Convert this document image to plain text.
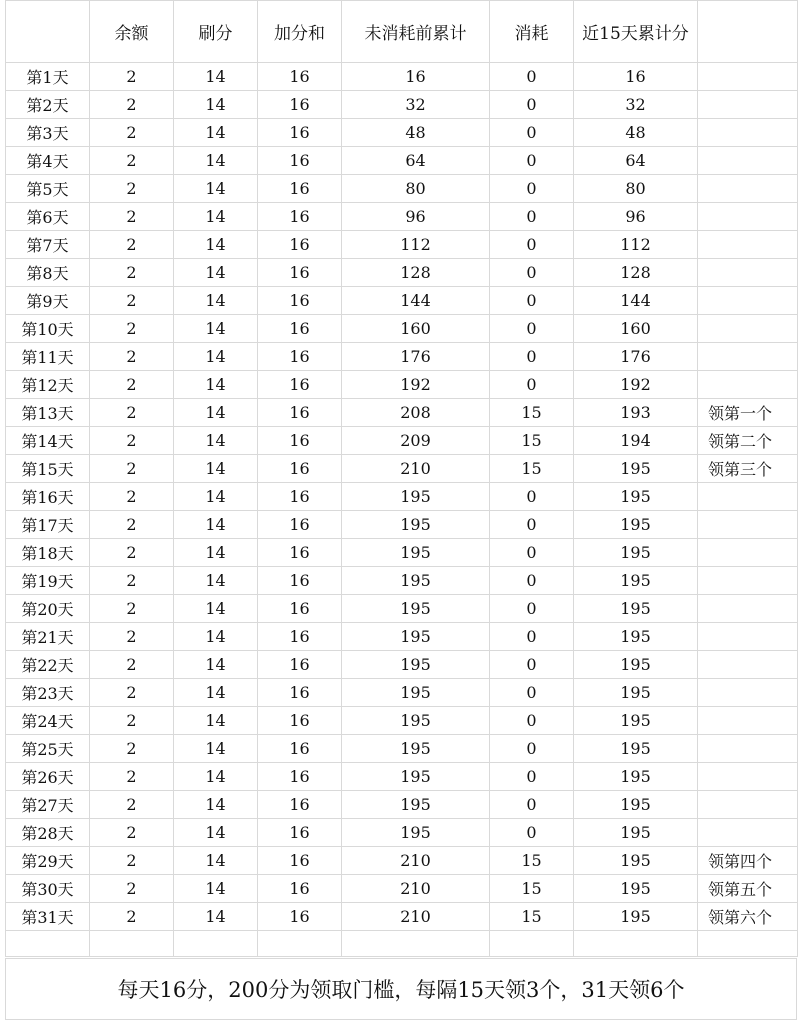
	余额	刷分	加分和	未消耗前累计	消耗	近15天累计分	
第1天	2	14	16	16	0	16	
第2天	2	14	16	32	0	32	
第3天	2	14	16	48	0	48	
第4天	2	14	16	64	0	64	
第5天	2	14	16	80	0	80	
第6天	2	14	16	96	0	96	
第7天	2	14	16	112	0	112	
第8天	2	14	16	128	0	128	
第9天	2	14	16	144	0	144	
第10天	2	14	16	160	0	160	
第11天	2	14	16	176	0	176	
第12天	2	14	16	192	0	192	
第13天	2	14	16	208	15	193	领第一个
第14天	2	14	16	209	15	194	领第二个
第15天	2	14	16	210	15	195	领第三个
第16天	2	14	16	195	0	195	
第17天	2	14	16	195	0	195	
第18天	2	14	16	195	0	195	
第19天	2	14	16	195	0	195	
第20天	2	14	16	195	0	195	
第21天	2	14	16	195	0	195	
第22天	2	14	16	195	0	195	
第23天	2	14	16	195	0	195	
第24天	2	14	16	195	0	195	
第25天	2	14	16	195	0	195	
第26天	2	14	16	195	0	195	
第27天	2	14	16	195	0	195	
第28天	2	14	16	195	0	195	
第29天	2	14	16	210	15	195	领第四个
第30天	2	14	16	210	15	195	领第五个
第31天	2	14	16	210	15	195	领第六个

每天16分，200分为领取门槛，每隔15天领3个，31天领6个
